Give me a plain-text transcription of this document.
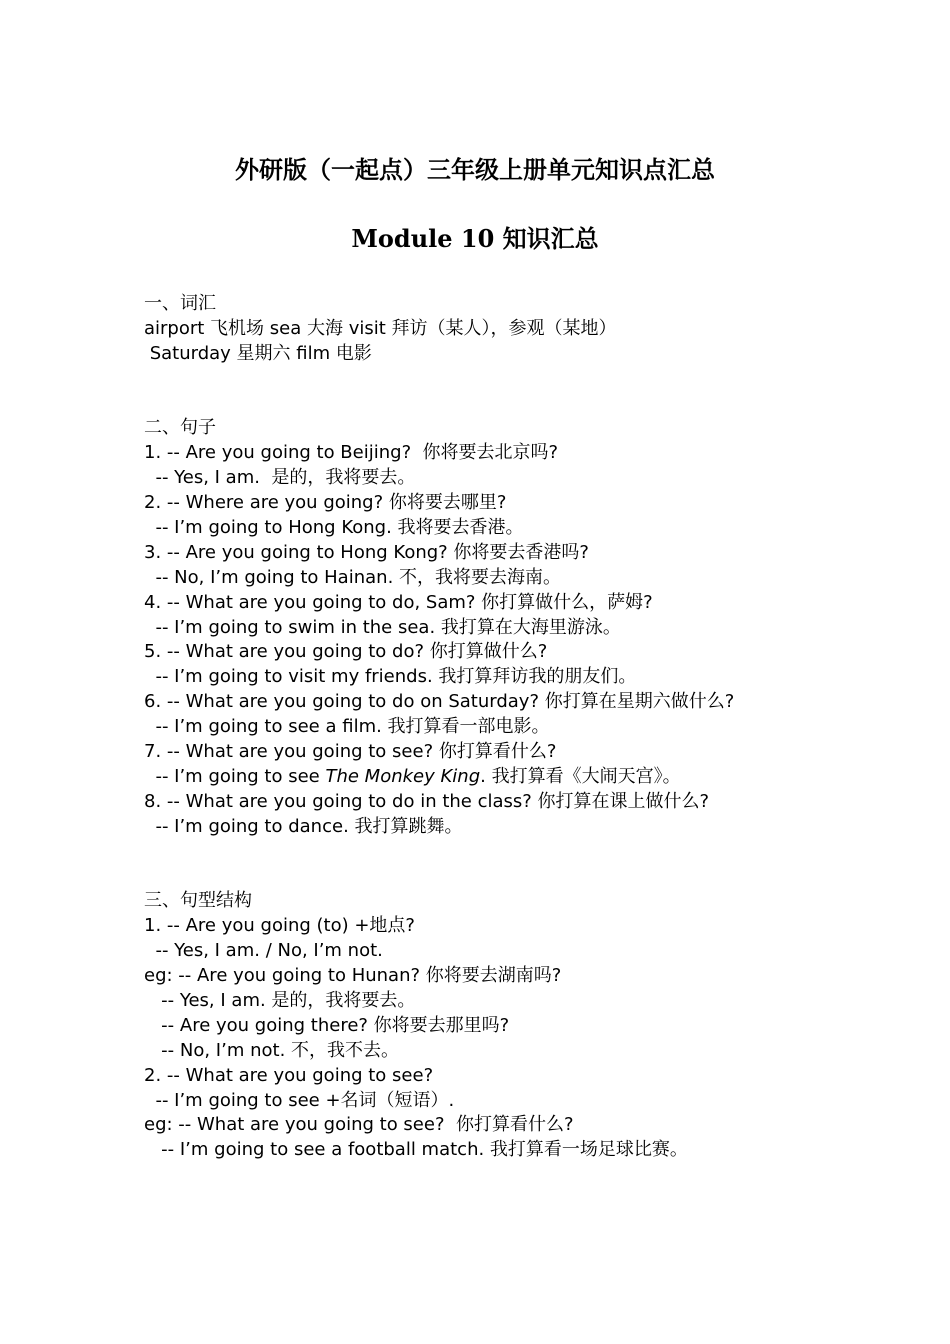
外研版（一起点）三年级上册单元知识点汇总
Module 10 知识汇总
一、词汇
airport 飞机场 sea 大海 visit 拜访（某人），参观（某地）
Saturday 星期六 film 电影
二、句子
1. -- Are you going to Beijing?  你将要去北京吗?
-- Yes, I am.  是的，我将要去。
2. -- Where are you going? 你将要去哪里?
-- I’m going to Hong Kong. 我将要去香港。
3. -- Are you going to Hong Kong? 你将要去香港吗?
-- No, I’m going to Hainan. 不，我将要去海南。
4. -- What are you going to do, Sam? 你打算做什么，萨姆?
-- I’m going to swim in the sea. 我打算在大海里游泳。
5. -- What are you going to do? 你打算做什么?
-- I’m going to visit my friends. 我打算拜访我的朋友们。
6. -- What are you going to do on Saturday? 你打算在星期六做什么?
-- I’m going to see a film. 我打算看一部电影。
7. -- What are you going to see? 你打算看什么?
-- I’m going to see The Monkey King. 我打算看《大闹天宫》。
8. -- What are you going to do in the class? 你打算在课上做什么?
-- I’m going to dance. 我打算跳舞。
三、句型结构
1. -- Are you going (to) +地点?
-- Yes, I am. / No, I’m not.
eg: -- Are you going to Hunan? 你将要去湖南吗?
-- Yes, I am. 是的，我将要去。
-- Are you going there? 你将要去那里吗?
-- No, I’m not. 不，我不去。
2. -- What are you going to see?
-- I’m going to see +名词（短语）.
eg: -- What are you going to see?  你打算看什么?
-- I’m going to see a football match. 我打算看一场足球比赛。
